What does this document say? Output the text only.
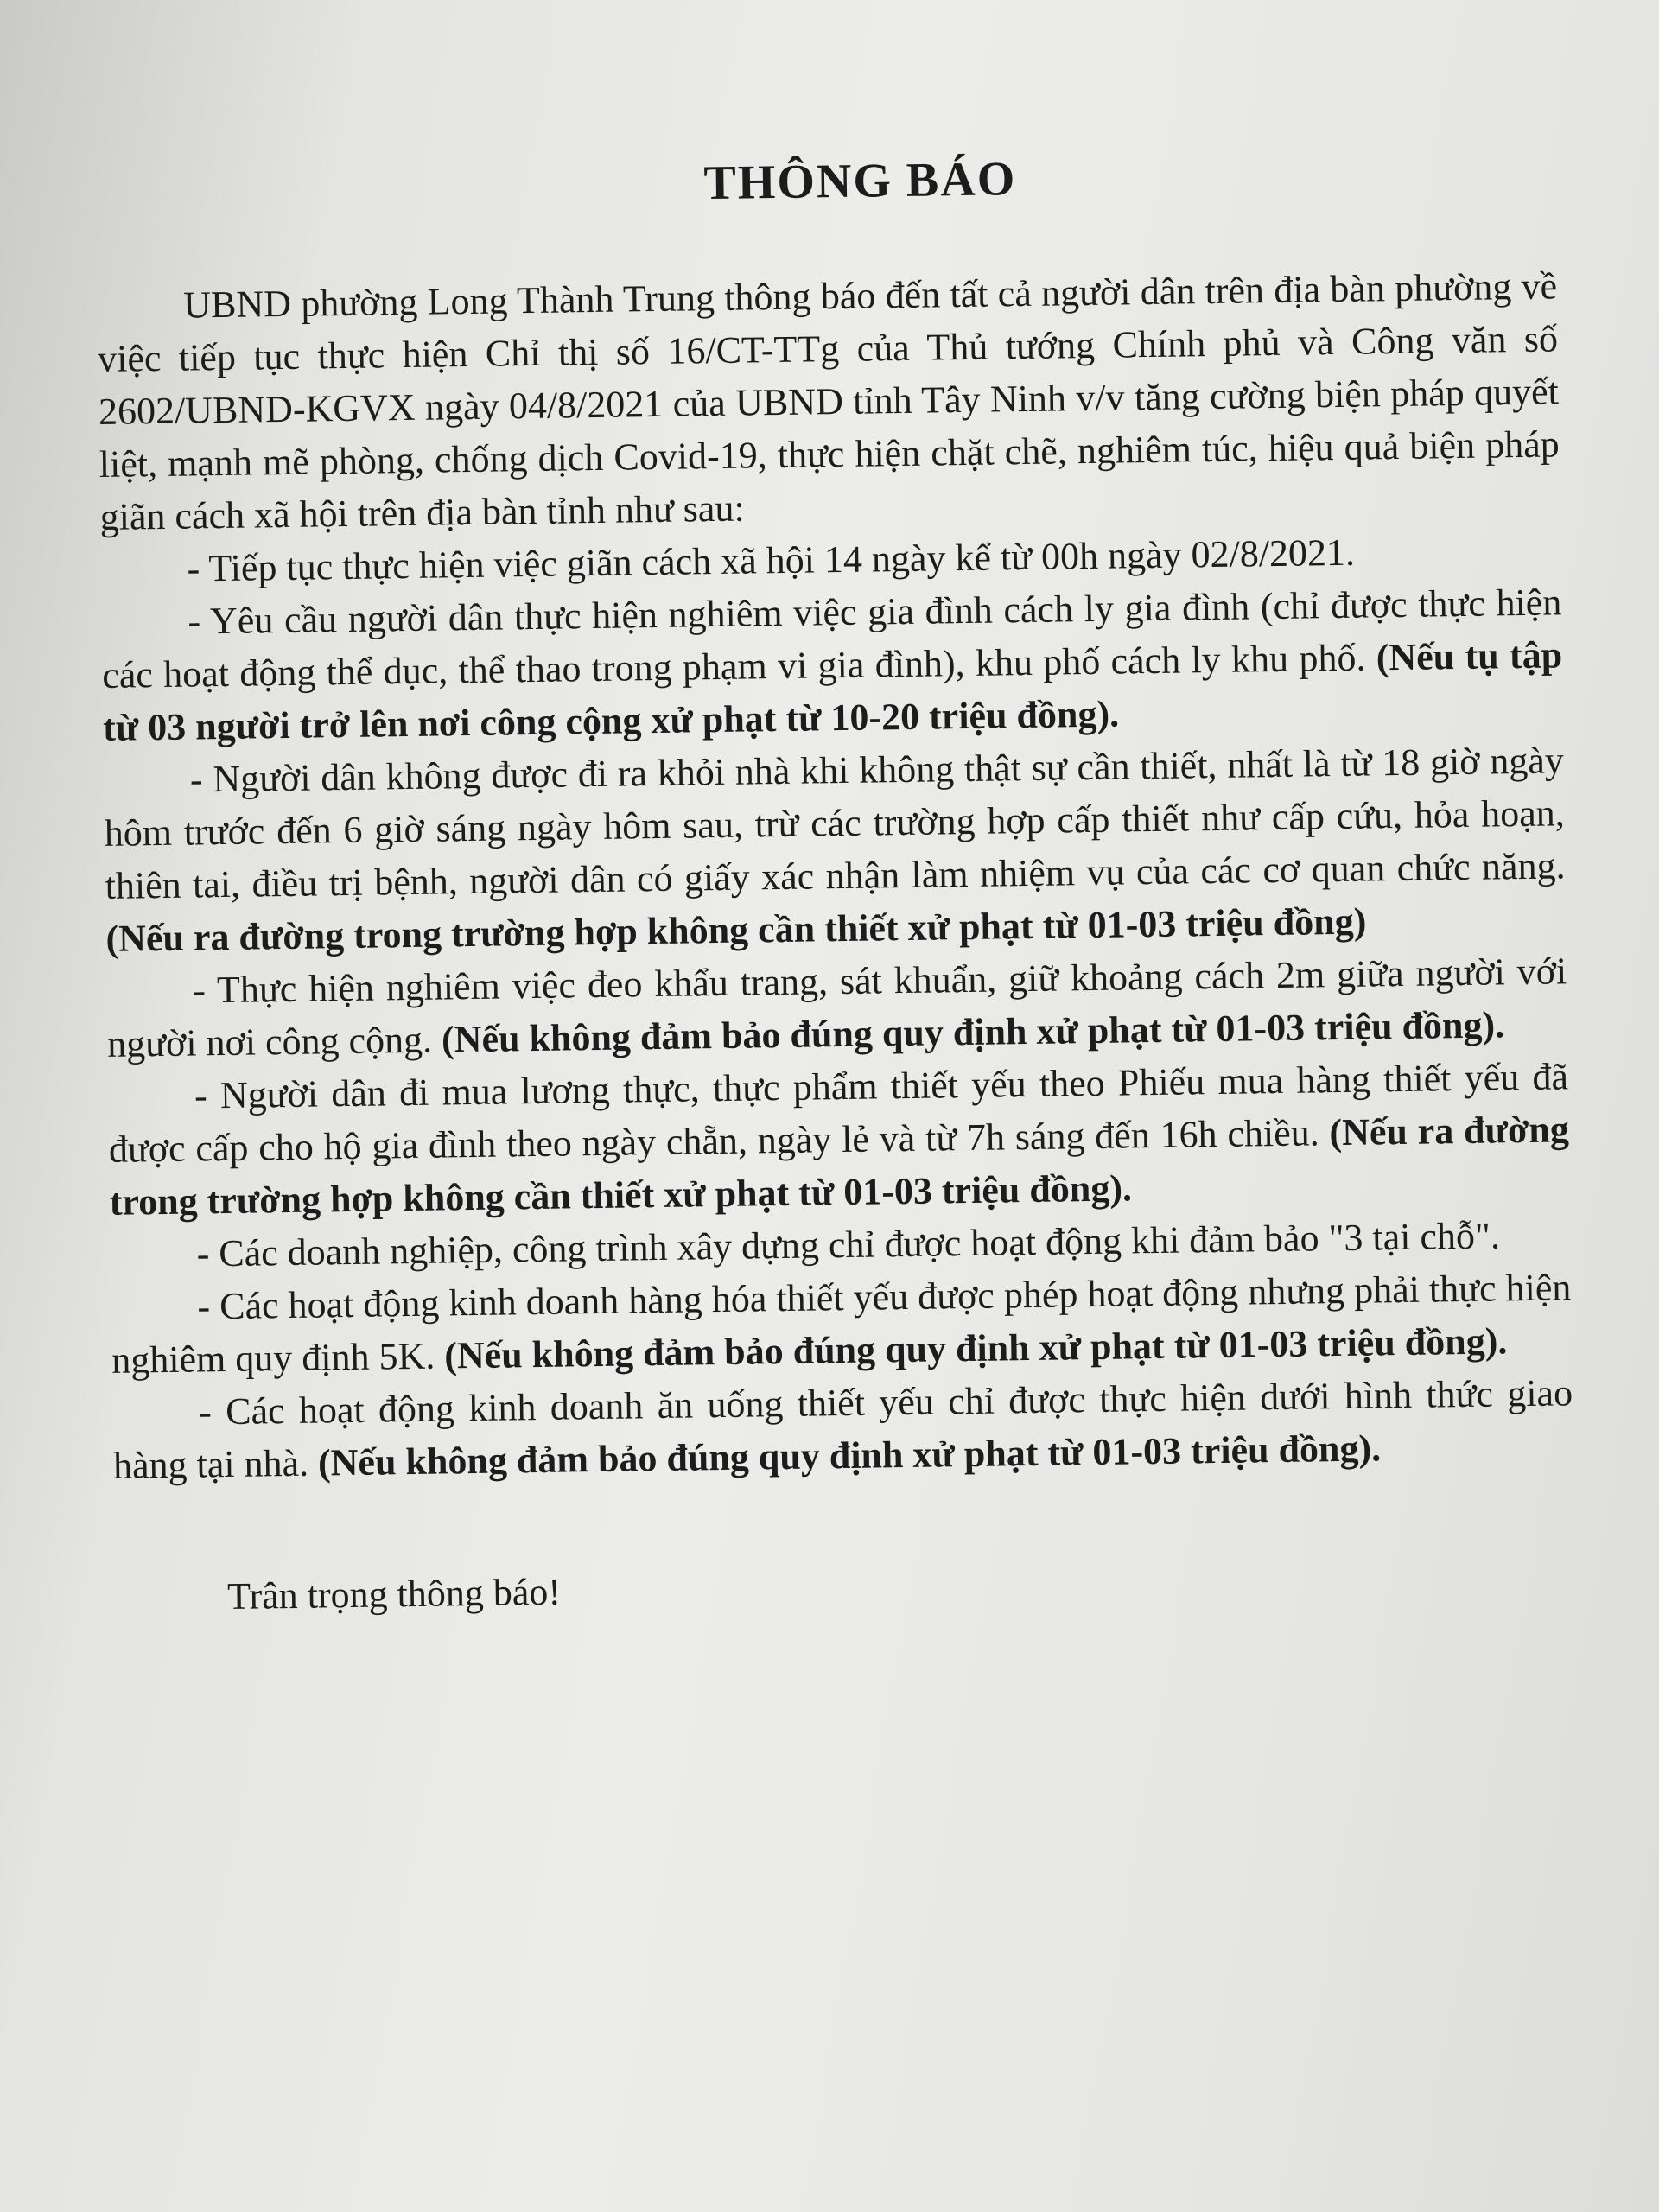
THÔNG BÁO

UBND phường Long Thành Trung thông báo đến tất cả người dân trên địa bàn phường về việc tiếp tục thực hiện Chỉ thị số 16/CT-TTg của Thủ tướng Chính phủ và Công văn số 2602/UBND-KGVX ngày 04/8/2021 của UBND tỉnh Tây Ninh v/v tăng cường biện pháp quyết liệt, mạnh mẽ phòng, chống dịch Covid-19, thực hiện chặt chẽ, nghiêm túc, hiệu quả biện pháp giãn cách xã hội trên địa bàn tỉnh như sau:

- Tiếp tục thực hiện việc giãn cách xã hội 14 ngày kể từ 00h ngày 02/8/2021.

- Yêu cầu người dân thực hiện nghiêm việc gia đình cách ly gia đình (chỉ được thực hiện các hoạt động thể dục, thể thao trong phạm vi gia đình), khu phố cách ly khu phố. (Nếu tụ tập từ 03 người trở lên nơi công cộng xử phạt từ 10-20 triệu đồng).

- Người dân không được đi ra khỏi nhà khi không thật sự cần thiết, nhất là từ 18 giờ ngày hôm trước đến 6 giờ sáng ngày hôm sau, trừ các trường hợp cấp thiết như cấp cứu, hỏa hoạn, thiên tai, điều trị bệnh, người dân có giấy xác nhận làm nhiệm vụ của các cơ quan chức năng. (Nếu ra đường trong trường hợp không cần thiết xử phạt từ 01-03 triệu đồng)

- Thực hiện nghiêm việc đeo khẩu trang, sát khuẩn, giữ khoảng cách 2m giữa người với người nơi công cộng. (Nếu không đảm bảo đúng quy định xử phạt từ 01-03 triệu đồng).

- Người dân đi mua lương thực, thực phẩm thiết yếu theo Phiếu mua hàng thiết yếu đã được cấp cho hộ gia đình theo ngày chẵn, ngày lẻ và từ 7h sáng đến 16h chiều. (Nếu ra đường trong trường hợp không cần thiết xử phạt từ 01-03 triệu đồng).

- Các doanh nghiệp, công trình xây dựng chỉ được hoạt động khi đảm bảo "3 tại chỗ".

- Các hoạt động kinh doanh hàng hóa thiết yếu được phép hoạt động nhưng phải thực hiện nghiêm quy định 5K. (Nếu không đảm bảo đúng quy định xử phạt từ 01-03 triệu đồng).

- Các hoạt động kinh doanh ăn uống thiết yếu chỉ được thực hiện dưới hình thức giao hàng tại nhà. (Nếu không đảm bảo đúng quy định xử phạt từ 01-03 triệu đồng).

Trân trọng thông báo!
